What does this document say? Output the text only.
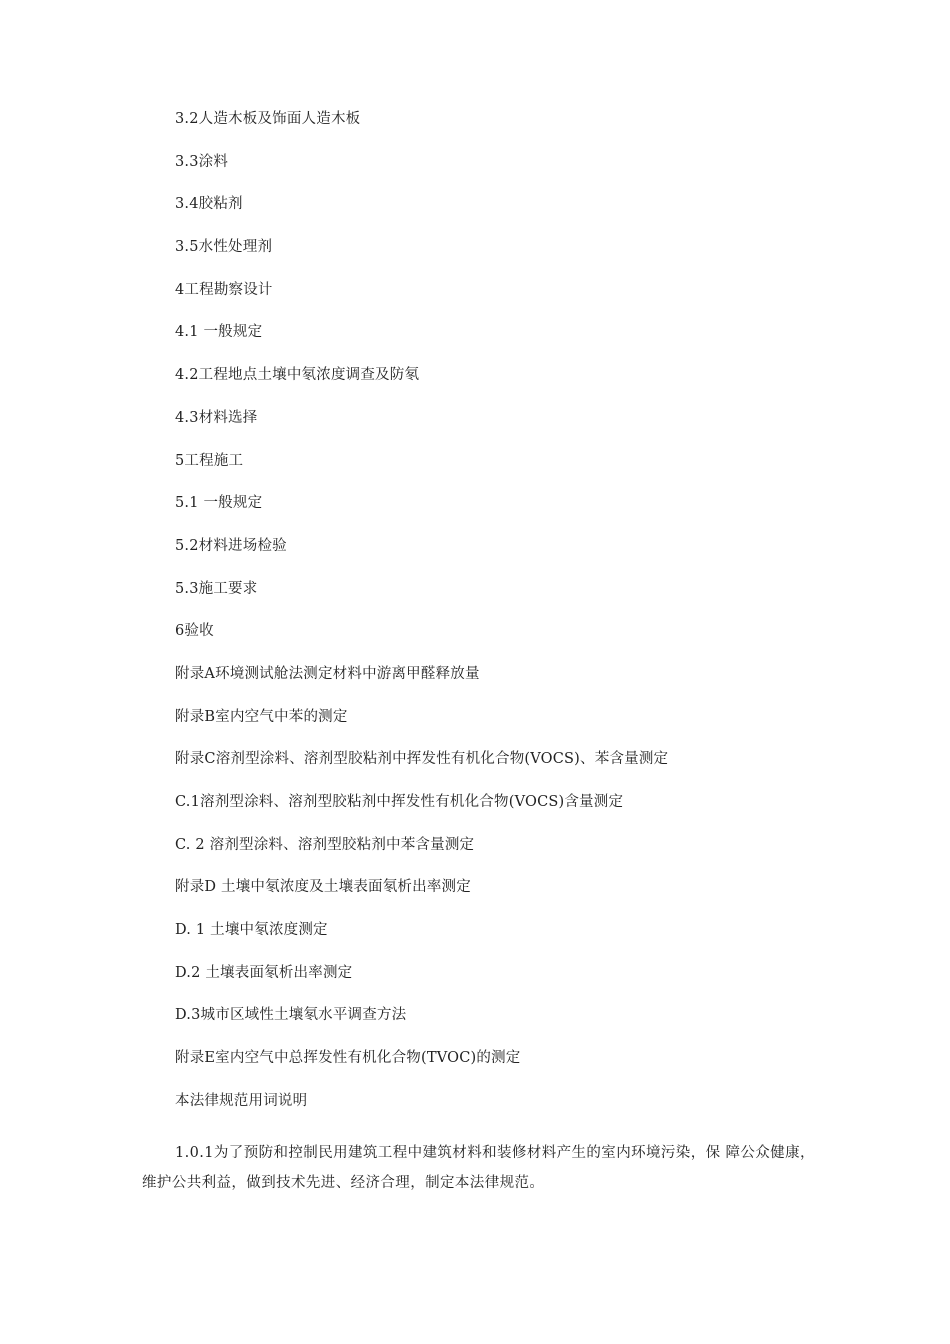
3.2人造木板及饰面人造木板
3.3涂料
3.4胶粘剂
3.5水性处理剂
4工程勘察设计
4.1 一般规定
4.2工程地点土壤中氡浓度调查及防氡
4.3材料选择
5工程施工
5.1 一般规定
5.2材料进场检验
5.3施工要求
6验收
附录A环境测试舱法测定材料中游离甲醛释放量
附录B室内空气中苯的测定
附录C溶剂型涂料、溶剂型胶粘剂中挥发性有机化合物(VOCS)、苯含量测定
C.1溶剂型涂料、溶剂型胶粘剂中挥发性有机化合物(VOCS)含量测定
C. 2 溶剂型涂料、溶剂型胶粘剂中苯含量测定
附录D 土壤中氡浓度及土壤表面氡析出率测定
D. 1 土壤中氡浓度测定
D.2 土壤表面氡析出率测定
D.3城市区域性土壤氡水平调查方法
附录E室内空气中总挥发性有机化合物(TVOC)的测定
本法律规范用词说明

1.0.1为了预防和控制民用建筑工程中建筑材料和装修材料产生的室内环境污染，保 障公众健康，维护公共利益，做到技术先进、经济合理，制定本法律规范。
